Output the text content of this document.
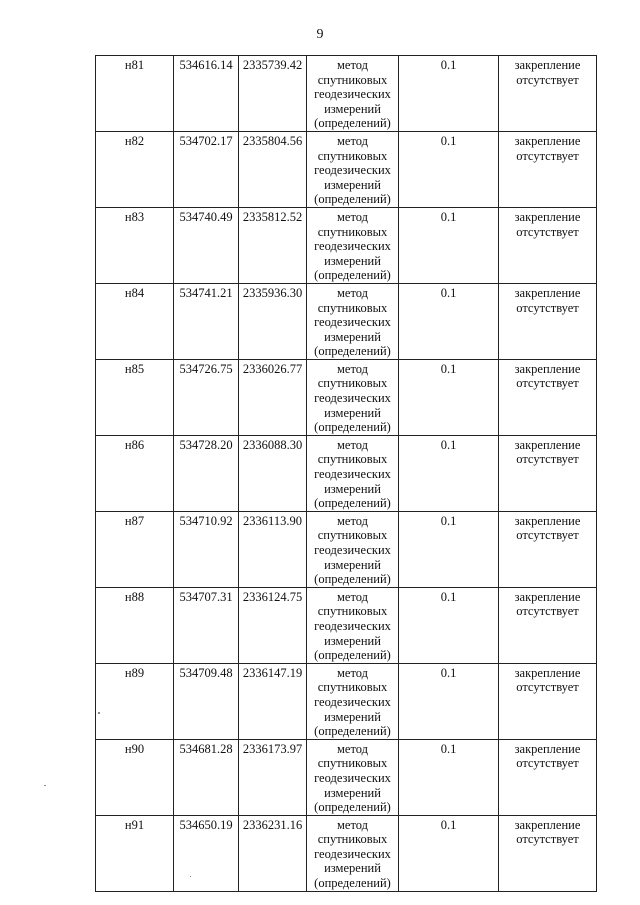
9
н81	534616.14	2335739.42	метод спутниковых геодезических измерений (определений)	0.1	закрепление отсутствует
н82	534702.17	2335804.56	метод спутниковых геодезических измерений (определений)	0.1	закрепление отсутствует
н83	534740.49	2335812.52	метод спутниковых геодезических измерений (определений)	0.1	закрепление отсутствует
н84	534741.21	2335936.30	метод спутниковых геодезических измерений (определений)	0.1	закрепление отсутствует
н85	534726.75	2336026.77	метод спутниковых геодезических измерений (определений)	0.1	закрепление отсутствует
н86	534728.20	2336088.30	метод спутниковых геодезических измерений (определений)	0.1	закрепление отсутствует
н87	534710.92	2336113.90	метод спутниковых геодезических измерений (определений)	0.1	закрепление отсутствует
н88	534707.31	2336124.75	метод спутниковых геодезических измерений (определений)	0.1	закрепление отсутствует
н89	534709.48	2336147.19	метод спутниковых геодезических измерений (определений)	0.1	закрепление отсутствует
н90	534681.28	2336173.97	метод спутниковых геодезических измерений (определений)	0.1	закрепление отсутствует
н91	534650.19	2336231.16	метод спутниковых геодезических измерений (определений)	0.1	закрепление отсутствует
